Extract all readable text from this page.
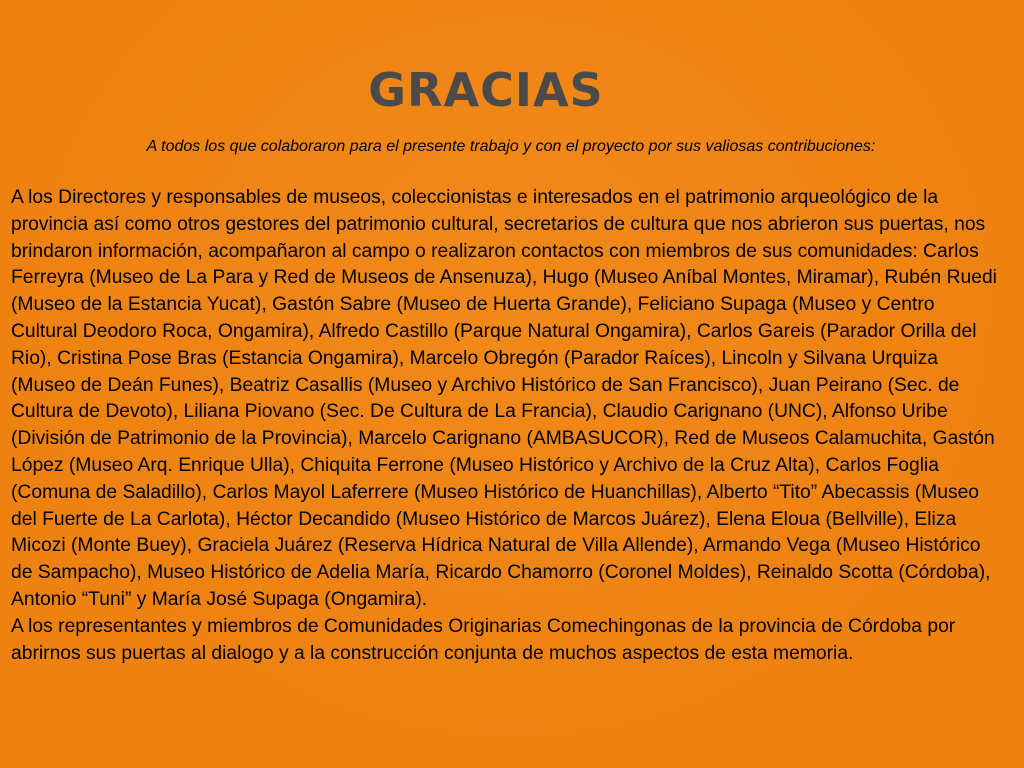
GRACIAS
A todos los que colaboraron para el presente trabajo y con el proyecto por sus valiosas contribuciones:

A los Directores y responsables de museos, coleccionistas e interesados en el patrimonio arqueológico de la provincia así como otros gestores del patrimonio cultural, secretarios de cultura que nos abrieron sus puertas, nos brindaron información, acompañaron al campo o realizaron contactos con miembros de sus comunidades: Carlos Ferreyra (Museo de La Para y Red de Museos de Ansenuza), Hugo (Museo Aníbal Montes, Miramar), Rubén Ruedi (Museo de la Estancia Yucat), Gastón Sabre (Museo de Huerta Grande), Feliciano Supaga (Museo y Centro Cultural Deodoro Roca, Ongamira), Alfredo Castillo (Parque Natural Ongamira), Carlos Gareis (Parador Orilla del Rio), Cristina Pose Bras (Estancia Ongamira), Marcelo Obregón (Parador Raíces), Lincoln y Silvana Urquiza (Museo de Deán Funes), Beatriz Casallis (Museo y Archivo Histórico de San Francisco), Juan Peirano (Sec. de Cultura de Devoto), Liliana Piovano (Sec. De Cultura de La Francia), Claudio Carignano (UNC), Alfonso Uribe (División de Patrimonio de la Provincia), Marcelo Carignano (AMBASUCOR), Red de Museos Calamuchita, Gastón López (Museo Arq. Enrique Ulla), Chiquita Ferrone (Museo Histórico y Archivo de la Cruz Alta), Carlos Foglia (Comuna de Saladillo), Carlos Mayol Laferrere (Museo Histórico de Huanchillas), Alberto “Tito” Abecassis (Museo del Fuerte de La Carlota), Héctor Decandido (Museo Histórico de Marcos Juárez), Elena Eloua (Bellville), Eliza Micozi (Monte Buey), Graciela Juárez (Reserva Hídrica Natural de Villa Allende), Armando Vega (Museo Histórico de Sampacho), Museo Histórico de Adelia María, Ricardo Chamorro (Coronel Moldes), Reinaldo Scotta (Córdoba), Antonio “Tuni” y María José Supaga (Ongamira).

A los representantes y miembros de Comunidades Originarias Comechingonas de la provincia de Córdoba por abrirnos sus puertas al dialogo y a la construcción conjunta de muchos aspectos de esta memoria.
